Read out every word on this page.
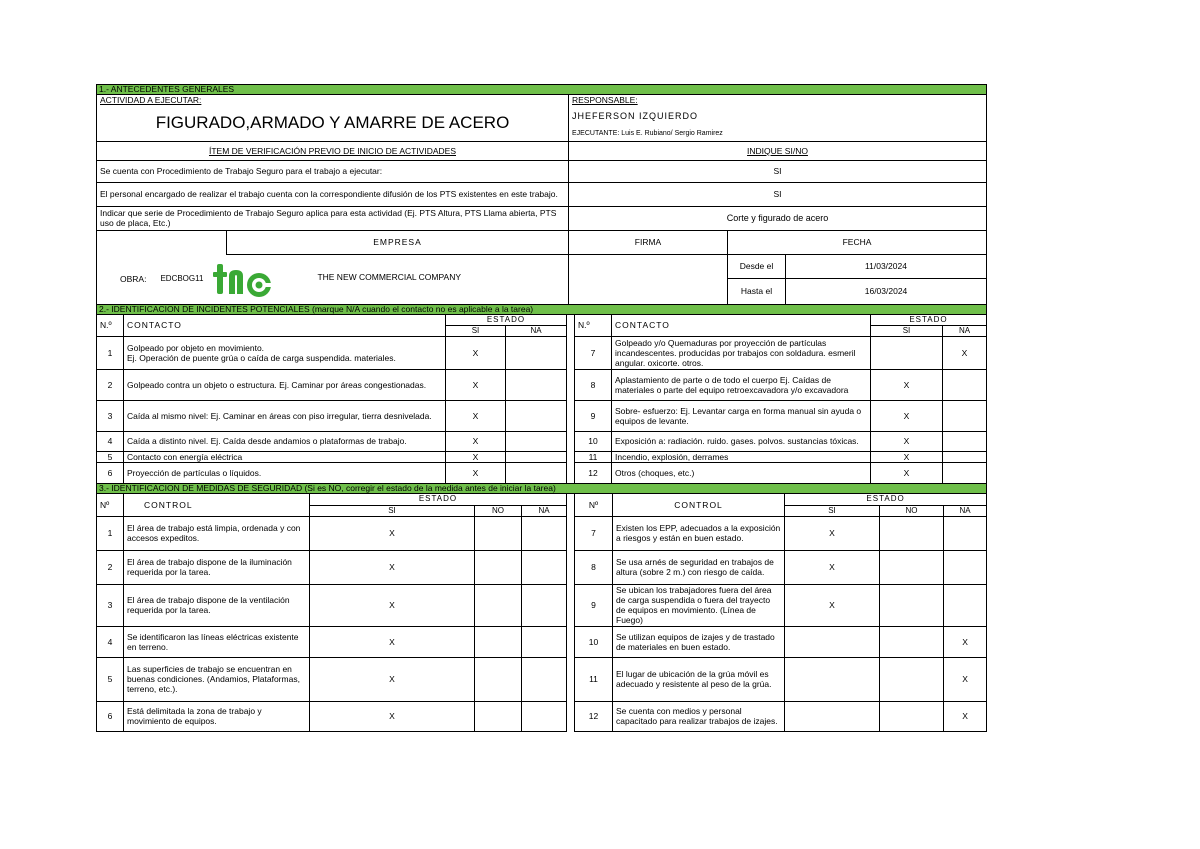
1.- ANTECEDENTES GENERALES				
ACTIVIDAD A EJECUTAR:		RESPONSABLE:		
FIGURADO,ARMADO Y AMARRE DE ACERO		JHEFERSON IZQUIERDO		
		EJECUTANTE: Luis E. Rubiano/ Sergio Ramirez		
ÍTEM DE VERIFICACIÓN PREVIO DE INICIO DE ACTIVIDADES		INDIQUE SI/NO		
Se cuenta con Procedimiento de Trabajo Seguro para el trabajo a ejecutar:		SI		
El personal encargado de realizar el trabajo cuenta con la correspondiente difusión de los PTS existentes en este trabajo.		SI		
Indicar que serie de Procedimiento de Trabajo Seguro aplica para esta actividad (Ej. PTS Altura, PTS Llama abierta, PTS uso de placa, Etc.)		Corte y figurado de acero		
	EMPRESA	FIRMA	FECHA	

OBRA: EDCBOG11 THE NEW COMMERCIAL COMPANY			Desde el	11/03/2024
			Hasta el	16/03/2024
2.- IDENTIFICACION DE INCIDENTES POTENCIALES (marque N/A cuando el contacto no es aplicable a la tarea)				
N.º	CONTACTO	ESTADO			N.º	CONTACTO	ESTADO	
		SI	NA				SI	NA
1	Golpeado por objeto en movimiento.
Ej. Operación de puente grúa o caída de carga suspendida. materiales.	X			7	Golpeado y/o Quemaduras por proyección de partículas incandescentes. producidas por trabajos con soldadura. esmeril angular. oxicorte. otros.		X
2	Golpeado contra un objeto o estructura. Ej. Caminar por áreas congestionadas.	X			8	Aplastamiento de parte o de todo el cuerpo Ej. Caídas de materiales o parte del equipo retroexcavadora y/o excavadora	X	
3	Caída al mismo nivel: Ej. Caminar en áreas con piso irregular, tierra desnivelada.	X			9	Sobre- esfuerzo: Ej. Levantar carga en forma manual sin ayuda o equipos de levante.	X	
4	Caída a distinto nivel. Ej. Caída desde andamios o plataformas de trabajo.	X			10	Exposición a: radiación. ruido. gases. polvos. sustancias tóxicas.	X	
5	Contacto con energía eléctrica	X			11	Incendio, explosión, derrames	X	
6	Proyección de partículas o líquidos.	X			12	Otros (choques, etc.)	X	
3.- IDENTIFICACION DE MEDIDAS DE SEGURIDAD (Si es NO, corregir el estado de la medida antes de iniciar la tarea)										
Nº	CONTROL	ESTADO				Nº	CONTROL	ESTADO		
		SI	NO	NA				SI	NO	NA
1	El área de trabajo está limpia, ordenada y con accesos expeditos.	X				7	Existen los EPP, adecuados a la exposición a riesgos y están en buen estado.	X		
2	El área de trabajo dispone de la iluminación requerida por la tarea.	X				8	Se usa arnés de seguridad en trabajos de altura (sobre 2 m.) con riesgo de caída.	X		
3	El área de trabajo dispone de la ventilación requerida por la tarea.	X				9	Se ubican los trabajadores fuera del área de carga suspendida o fuera del trayecto de equipos en movimiento. (Línea de Fuego)	X		
4	Se identificaron las líneas eléctricas existente en terreno.	X				10	Se utilizan equipos de izajes y de trastado de materiales en buen estado.			X
5	Las superficies de trabajo se encuentran en buenas condiciones. (Andamios, Plataformas, terreno, etc.).	X				11	El lugar de ubicación de la grúa móvil es adecuado y resistente al peso de la grúa.			X
6	Está delimitada la zona de trabajo y movimiento de equipos.	X				12	Se cuenta con medios y personal capacitado para realizar trabajos de izajes.			X
